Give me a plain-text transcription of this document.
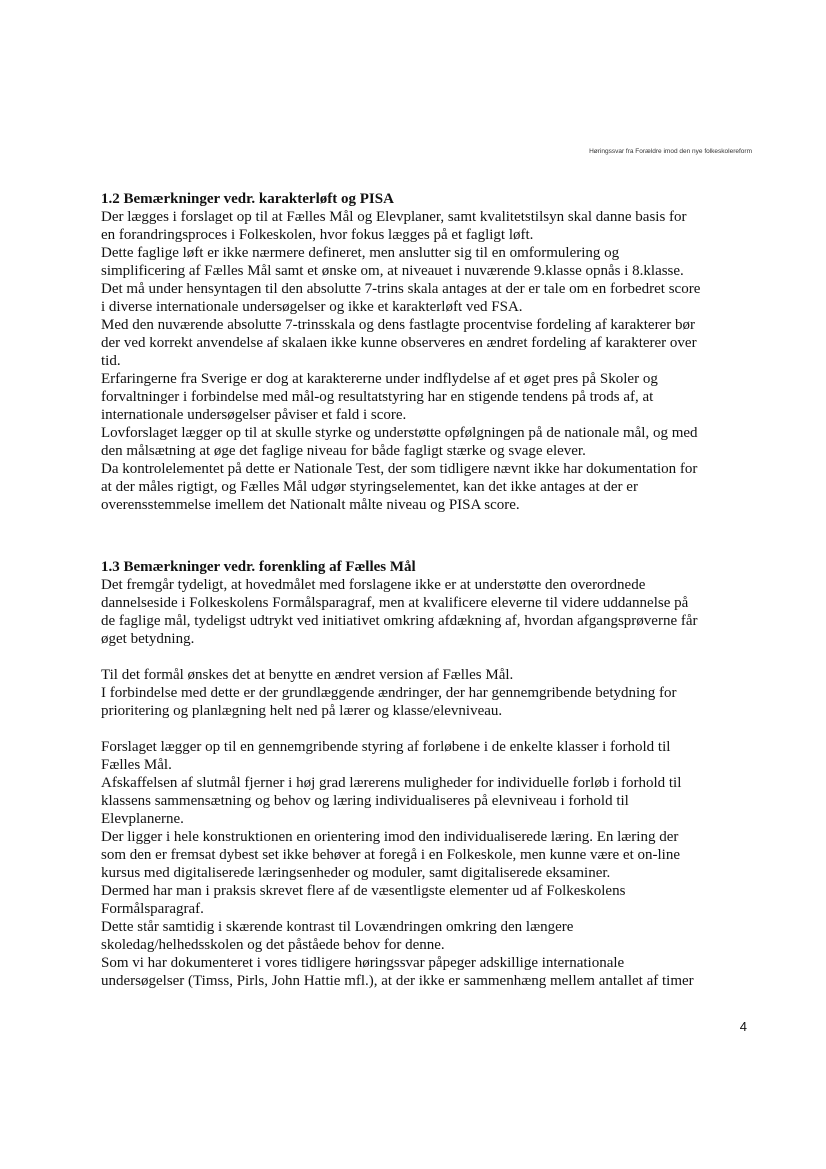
Høringssvar fra Forældre imod den nye folkeskolereform
1.2 Bemærkninger vedr. karakterløft og PISA
Der lægges i forslaget op til at Fælles Mål og Elevplaner, samt kvalitetstilsyn skal danne basis for
en forandringsproces i Folkeskolen, hvor fokus lægges på et fagligt løft.
Dette faglige løft er ikke nærmere defineret, men anslutter sig til en omformulering og
simplificering af Fælles Mål samt et ønske om, at niveauet i nuværende 9.klasse opnås i 8.klasse.
Det må under hensyntagen til den absolutte 7-trins skala antages at der er tale om en forbedret score
i diverse internationale undersøgelser og ikke et karakterløft ved FSA.
Med den nuværende absolutte 7-trinsskala og dens fastlagte procentvise fordeling af karakterer bør
der ved korrekt anvendelse af skalaen ikke kunne observeres en ændret fordeling af karakterer over
tid.
Erfaringerne fra Sverige er dog at karaktererne under indflydelse af et øget pres på Skoler og
forvaltninger i forbindelse med mål-og resultatstyring har en stigende tendens på trods af, at
internationale undersøgelser påviser et fald i score.
Lovforslaget lægger op til at skulle styrke og understøtte opfølgningen på de nationale mål, og med
den målsætning at øge det faglige niveau for både fagligt stærke og svage elever.
Da kontrolelementet på dette er Nationale Test, der som tidligere nævnt ikke har dokumentation for
at der måles rigtigt, og Fælles Mål udgør styringselementet, kan det ikke antages at der er
overensstemmelse imellem det Nationalt målte niveau og PISA score.
1.3 Bemærkninger vedr. forenkling af Fælles Mål
Det fremgår tydeligt, at hovedmålet med forslagene ikke er at understøtte den overordnede
dannelseside i Folkeskolens Formålsparagraf, men at kvalificere eleverne til videre uddannelse på
de faglige mål, tydeligst udtrykt ved initiativet omkring afdækning af, hvordan afgangsprøverne får
øget betydning.
Til det formål ønskes det at benytte en ændret version af Fælles Mål.
I forbindelse med dette er der grundlæggende ændringer, der har gennemgribende betydning for
prioritering og planlægning helt ned på lærer og klasse/elevniveau.
Forslaget lægger op til en gennemgribende styring af forløbene i de enkelte klasser i forhold til
Fælles Mål.
Afskaffelsen af slutmål fjerner i høj grad lærerens muligheder for individuelle forløb i forhold til
klassens sammensætning og behov og læring individualiseres på elevniveau i forhold til
Elevplanerne.
Der ligger i hele konstruktionen en orientering imod den individualiserede læring. En læring der
som den er fremsat dybest set ikke behøver at foregå i en Folkeskole, men kunne være et on-line
kursus med digitaliserede læringsenheder og moduler, samt digitaliserede eksaminer.
Dermed har man i praksis skrevet flere af de væsentligste elementer ud af Folkeskolens
Formålsparagraf.
Dette står samtidig i skærende kontrast til Lovændringen omkring den længere
skoledag/helhedsskolen og det påståede behov for denne.
Som vi har dokumenteret i vores tidligere høringssvar påpeger adskillige internationale
undersøgelser (Timss, Pirls, John Hattie mfl.), at der ikke er sammenhæng mellem antallet af timer
4
